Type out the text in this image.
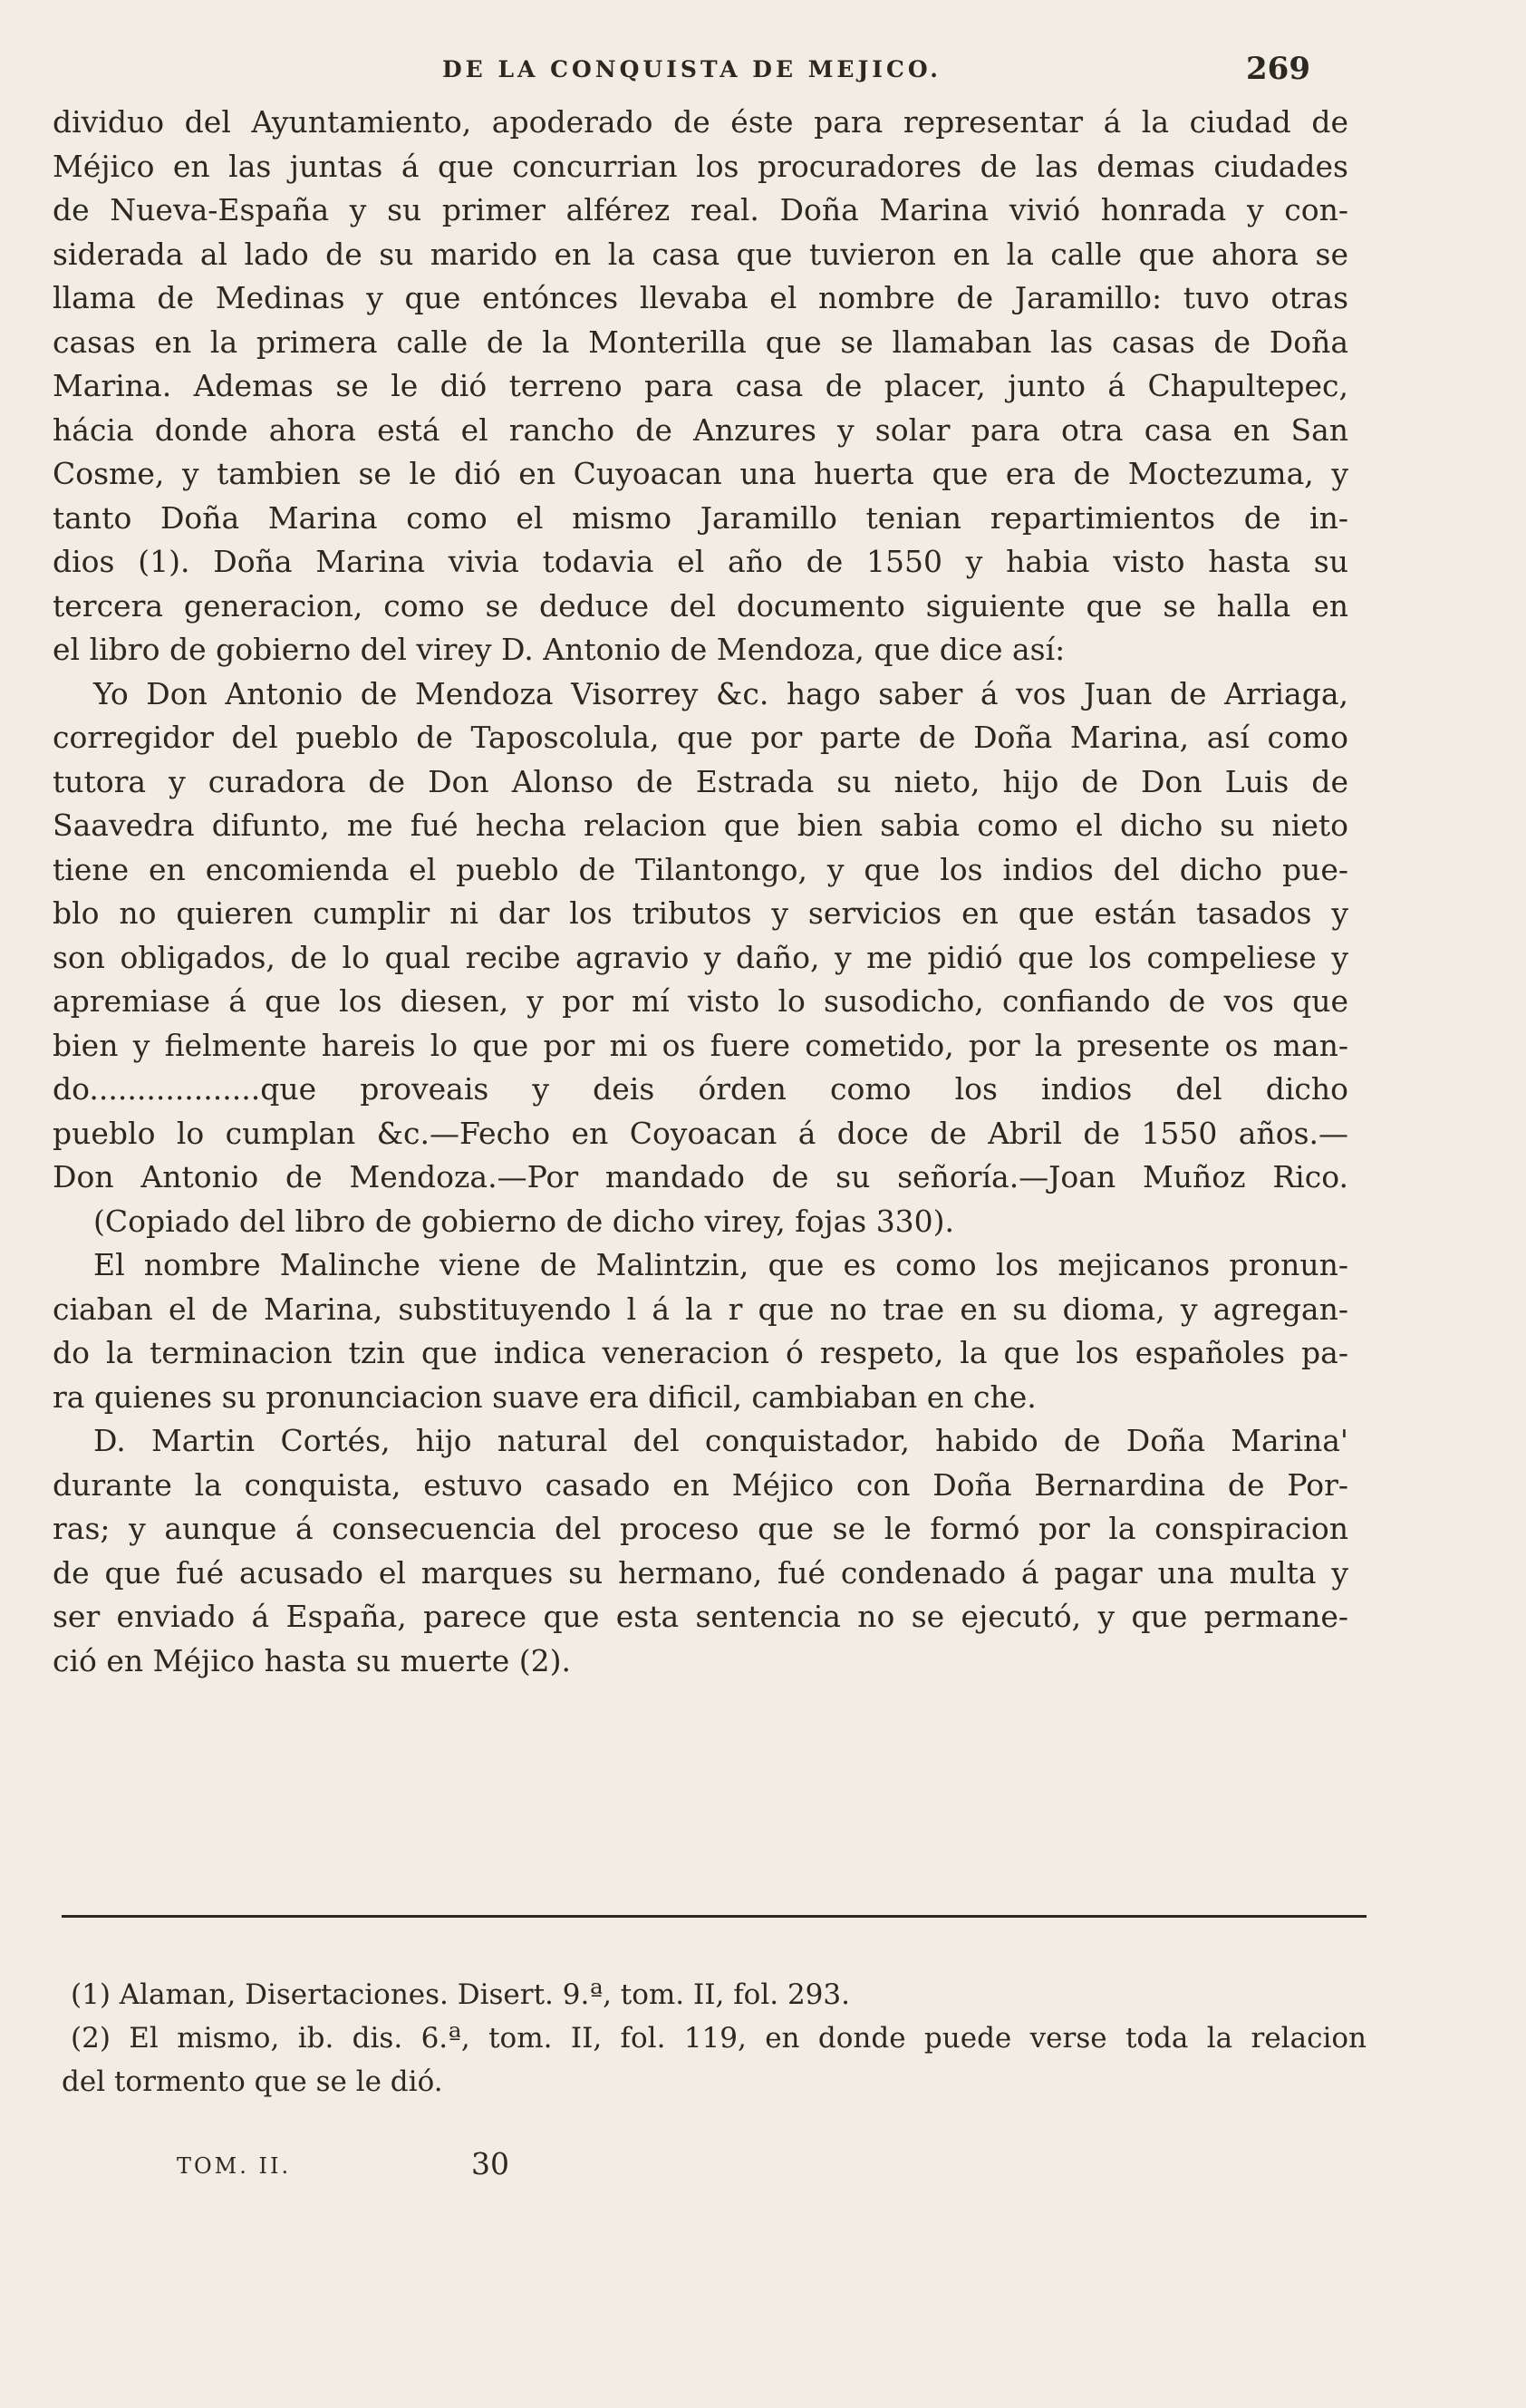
DE LA CONQUISTA DE MEJICO.	269
dividuo del Ayuntamiento, apoderado de éste para representar á la ciudad de
Méjico en las juntas á que concurrian los procuradores de las demas ciudades
de Nueva-España y su primer alférez real. Doña Marina vivió honrada y con-
siderada al lado de su marido en la casa que tuvieron en la calle que ahora se
llama de Medinas y que entónces llevaba el nombre de Jaramillo: tuvo otras
casas en la primera calle de la Monterilla que se llamaban las casas de Doña
Marina. Ademas se le dió terreno para casa de placer, junto á Chapultepec,
hácia donde ahora está el rancho de Anzures y solar para otra casa en San
Cosme, y tambien se le dió en Cuyoacan una huerta que era de Moctezuma, y
tanto Doña Marina como el mismo Jaramillo tenian repartimientos de in-
dios (1). Doña Marina vivia todavia el año de 1550 y habia visto hasta su
tercera generacion, como se deduce del documento siguiente que se halla en
el libro de gobierno del virey D. Antonio de Mendoza, que dice así:
Yo Don Antonio de Mendoza Visorrey &c. hago saber á vos Juan de Arriaga,
corregidor del pueblo de Taposcolula, que por parte de Doña Marina, así como
tutora y curadora de Don Alonso de Estrada su nieto, hijo de Don Luis de
Saavedra difunto, me fué hecha relacion que bien sabia como el dicho su nieto
tiene en encomienda el pueblo de Tilantongo, y que los indios del dicho pue-
blo no quieren cumplir ni dar los tributos y servicios en que están tasados y
son obligados, de lo qual recibe agravio y daño, y me pidió que los compeliese y
apremiase á que los diesen, y por mí visto lo susodicho, confiando de vos que
bien y fielmente hareis lo que por mi os fuere cometido, por la presente os man-
do..................que proveais y deis órden como los indios del dicho
pueblo lo cumplan &c.—Fecho en Coyoacan á doce de Abril de 1550 años.—
Don Antonio de Mendoza.—Por mandado de su señoría.—Joan Muñoz Rico.
(Copiado del libro de gobierno de dicho virey, fojas 330).
El nombre Malinche viene de Malintzin, que es como los mejicanos pronun-
ciaban el de Marina, substituyendo l á la r que no trae en su dioma, y agregan-
do la terminacion tzin que indica veneracion ó respeto, la que los españoles pa-
ra quienes su pronunciacion suave era dificil, cambiaban en che.
D. Martin Cortés, hijo natural del conquistador, habido de Doña Marina'
durante la conquista, estuvo casado en Méjico con Doña Bernardina de Por-
ras; y aunque á consecuencia del proceso que se le formó por la conspiracion
de que fué acusado el marques su hermano, fué condenado á pagar una multa y
ser enviado á España, parece que esta sentencia no se ejecutó, y que permane-
ció en Méjico hasta su muerte (2).
(1) Alaman, Disertaciones. Disert. 9.ª, tom. II, fol. 293.
(2) El mismo, ib. dis. 6.ª, tom. II, fol. 119, en donde puede verse toda la relacion
del tormento que se le dió.
TOM. II.	30
